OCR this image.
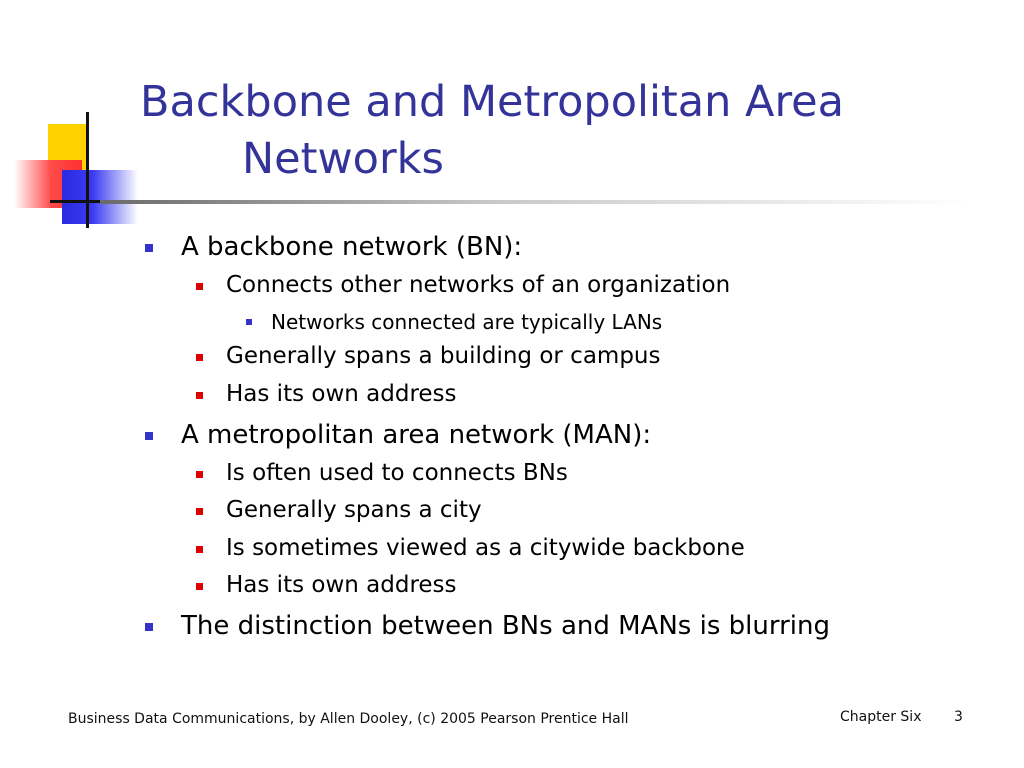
Backbone and Metropolitan Area
Networks
A backbone network (BN):
Connects other networks of an organization
Networks connected are typically LANs
Generally spans a building or campus
Has its own address
A metropolitan area network (MAN):
Is often used to connects BNs
Generally spans a city
Is sometimes viewed as a citywide backbone
Has its own address
The distinction between BNs and MANs is blurring
Business Data Communications, by Allen Dooley, (c) 2005 Pearson Prentice Hall	Chapter Six 3
